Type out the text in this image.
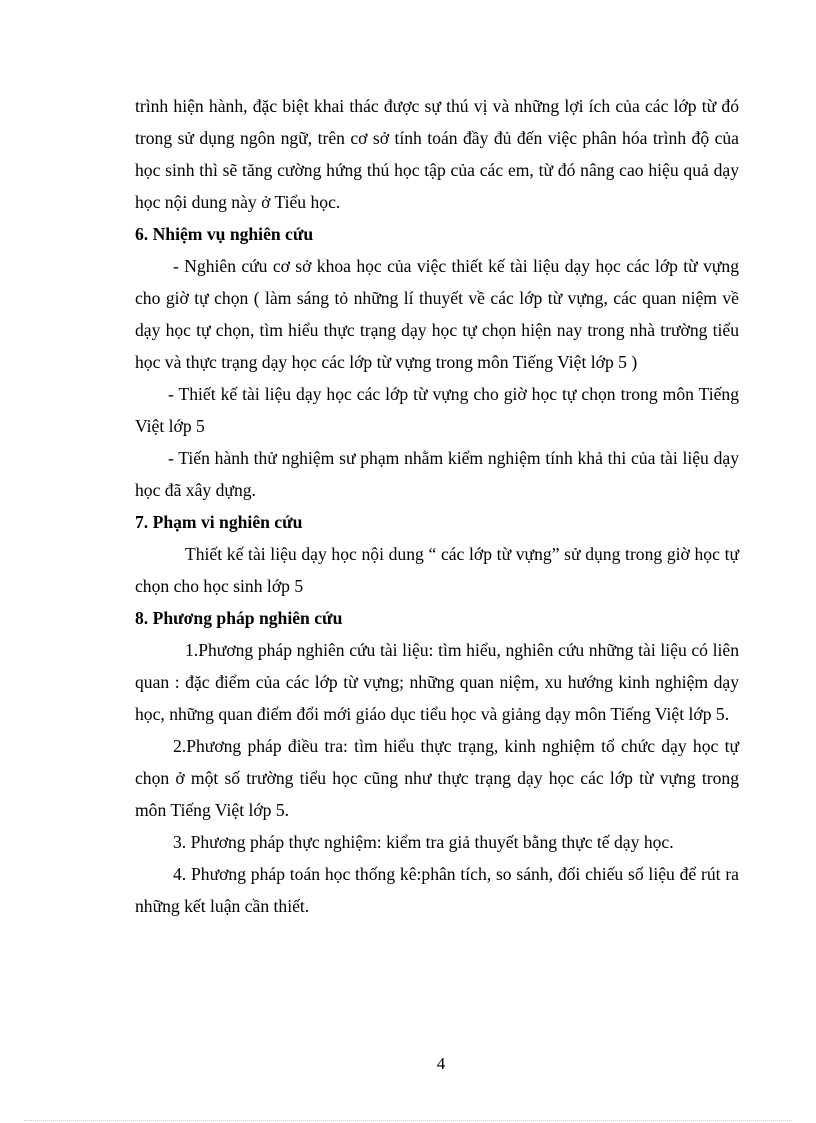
trình hiện hành, đặc biệt khai thác được sự thú vị và những lợi ích của các lớp từ đó trong sử dụng ngôn ngữ, trên cơ sở tính toán đầy đủ đến việc phân hóa trình độ của học sinh thì sẽ tăng cường hứng thú học tập của các em, từ đó nâng cao hiệu quả dạy học nội dung này ở Tiểu học.

6. Nhiệm vụ nghiên cứu

- Nghiên cứu cơ sở khoa học của việc thiết kế tài liệu dạy học các lớp từ vựng cho giờ tự chọn ( làm sáng tỏ những lí thuyết về các lớp từ vựng, các quan niệm về dạy học tự chọn, tìm hiểu thực trạng dạy học tự chọn hiện nay trong nhà trường tiểu học và thực trạng dạy học các lớp từ vựng trong môn Tiếng Việt lớp 5 )

- Thiết kế tài liệu dạy học các lớp từ vựng cho giờ học tự chọn trong môn Tiếng Việt lớp 5

- Tiến hành thử nghiệm sư phạm nhằm kiểm nghiệm tính khả thi của tài liệu dạy học đã xây dựng.

7. Phạm vi nghiên cứu

Thiết kế tài liệu dạy học nội dung “ các lớp từ vựng” sử dụng trong giờ học tự chọn cho học sinh lớp 5

8. Phương pháp nghiên cứu

1.Phương pháp nghiên cứu tài liệu: tìm hiểu, nghiên cứu những tài liệu có liên quan : đặc điểm của các lớp từ vựng; những quan niệm, xu hướng kinh nghiệm dạy học, những quan điểm đổi mới giáo dục tiểu học và giảng dạy môn Tiếng Việt lớp 5.

2.Phương pháp điều tra: tìm hiểu thực trạng, kinh nghiệm tổ chức dạy học tự chọn ở một số trường tiểu học cũng như thực trạng dạy học các lớp từ vựng trong môn Tiếng Việt lớp 5.

3. Phương pháp thực nghiệm: kiểm tra giả thuyết bằng thực tế dạy học.

4. Phương pháp toán học thống kê:phân tích, so sánh, đối chiếu số liệu để rút ra những kết luận cần thiết.

4
